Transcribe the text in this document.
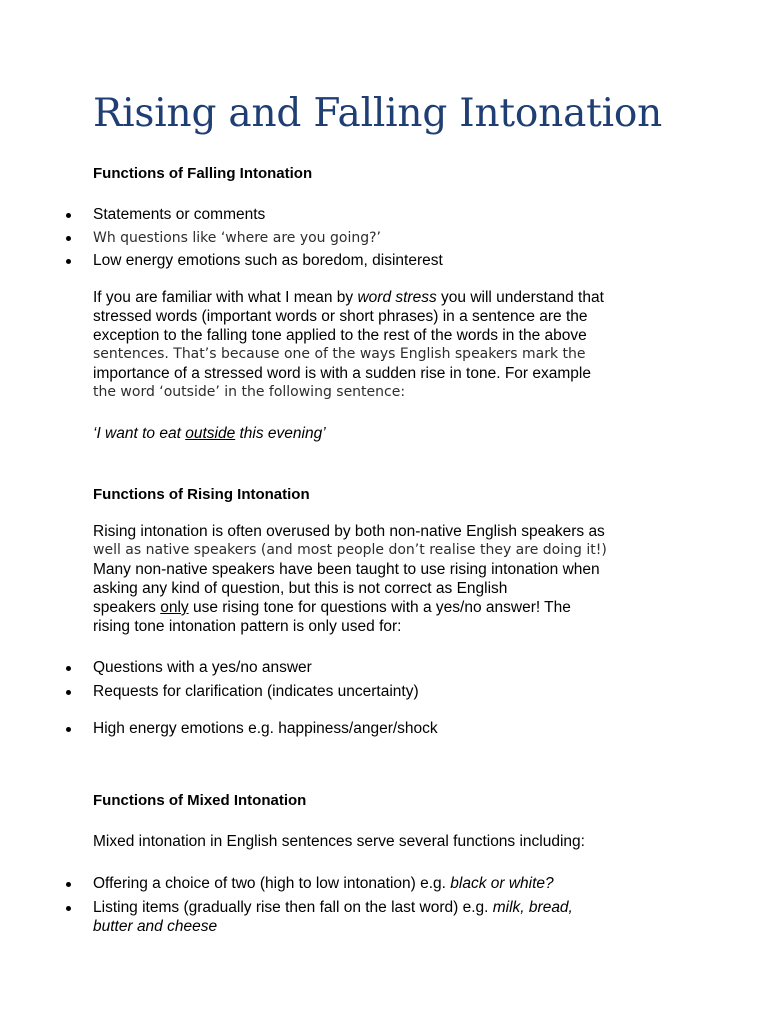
Rising and Falling Intonation
Functions of Falling Intonation
Statements or comments
Wh questions like ‘where are you going?’
Low energy emotions such as boredom, disinterest
If you are familiar with what I mean by word stress you will understand that
stressed words (important words or short phrases) in a sentence are the
exception to the falling tone applied to the rest of the words in the above
sentences. That’s because one of the ways English speakers mark the
importance of a stressed word is with a sudden rise in tone. For example
the word ‘outside’ in the following sentence:
‘I want to eat outside this evening’
Functions of Rising Intonation
Rising intonation is often overused by both non-native English speakers as
well as native speakers (and most people don’t realise they are doing it!)
Many non-native speakers have been taught to use rising intonation when
asking any kind of question, but this is not correct as English
speakers only use rising tone for questions with a yes/no answer! The
rising tone intonation pattern is only used for:
Questions with a yes/no answer
Requests for clarification (indicates uncertainty)
High energy emotions e.g. happiness/anger/shock
Functions of Mixed Intonation
Mixed intonation in English sentences serve several functions including:
Offering a choice of two (high to low intonation) e.g. black or white?
Listing items (gradually rise then fall on the last word) e.g. milk, bread,
butter and cheese
